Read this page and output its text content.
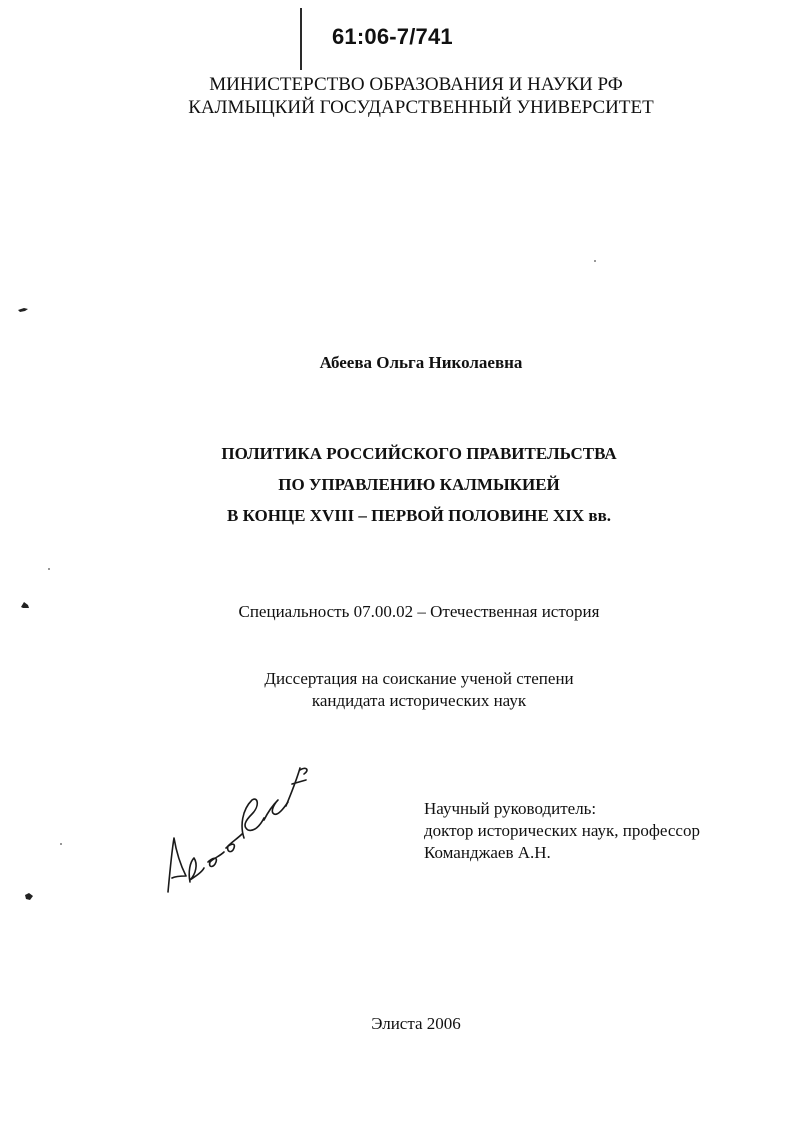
61:06-7/741
МИНИСТЕРСТВО ОБРАЗОВАНИЯ И НАУКИ РФ
КАЛМЫЦКИЙ ГОСУДАРСТВЕННЫЙ УНИВЕРСИТЕТ
Абеева Ольга Николаевна
ПОЛИТИКА РОССИЙСКОГО ПРАВИТЕЛЬСТВА
ПО УПРАВЛЕНИЮ КАЛМЫКИЕЙ
В КОНЦЕ XVIII – ПЕРВОЙ ПОЛОВИНЕ XIX вв.
Специальность 07.00.02 – Отечественная история
Диссертация на соискание ученой степени
кандидата исторических наук
Научный руководитель:
доктор исторических наук, профессор
Команджаев А.Н.
Элиста 2006
